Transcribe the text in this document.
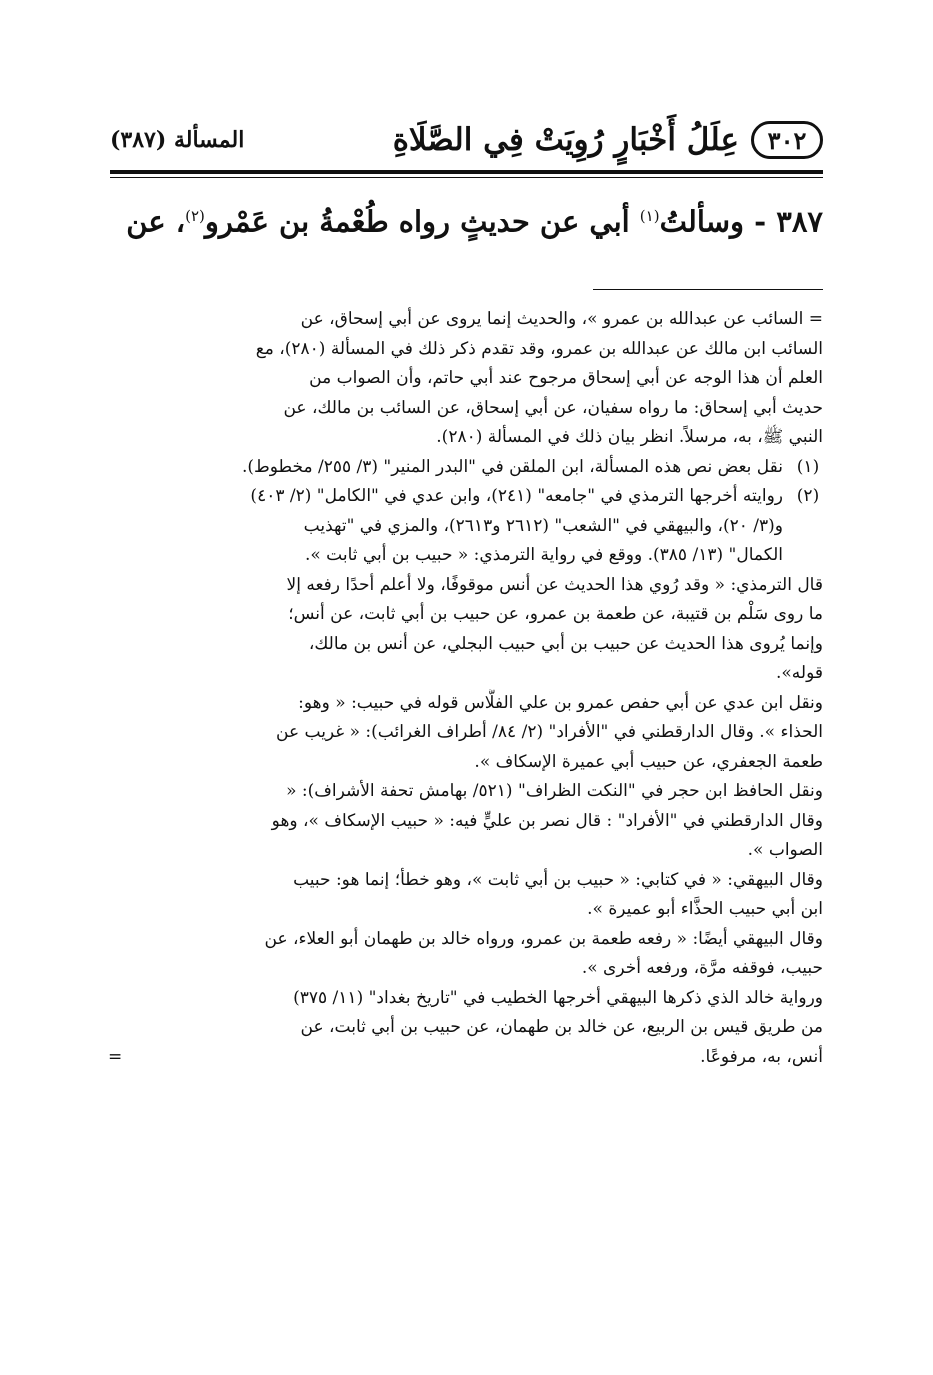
٣٠٢
عِلَلُ أَخْبَارٍ رُوِيَتْ فِي الصَّلَاةِ
المسألة (٣٨٧)
٣٨٧ - وسألتُ$^{(١)}$ أبي عن حديثٍ رواه طُعْمةُ بن عَمْرو$^{(٢)}$، عن
= السائب عن عبدالله بن عمرو »، والحديث إنما يروى عن أبي إسحاق، عن
السائب ابن مالك عن عبدالله بن عمرو، وقد تقدم ذكر ذلك في المسألة (٢٨٠)، مع
العلم أن هذا الوجه عن أبي إسحاق مرجوح عند أبي حاتم، وأن الصواب من
حديث أبي إسحاق: ما رواه سفيان، عن أبي إسحاق، عن السائب بن مالك، عن
النبي ﷺ، به، مرسلاً. انظر بيان ذلك في المسألة (٢٨٠).
(١)
نقل بعض نص هذه المسألة، ابن الملقن في "البدر المنير" (٣/ ٢٥٥/ مخطوط).
(٢)
روايته أخرجها الترمذي في "جامعه" (٢٤١)، وابن عدي في "الكامل" (٢/ ٤٠٣)
و(٣/ ٢٠)، والبيهقي في "الشعب" (٢٦١٢ و٢٦١٣)، والمزي في "تهذيب
الكمال" (١٣/ ٣٨٥). ووقع في رواية الترمذي: « حبيب بن أبي ثابت ».
قال الترمذي: « وقد رُوي هذا الحديث عن أنس موقوفًا، ولا أعلم أحدًا رفعه إلا
ما روى سَلْم بن قتيبة، عن طعمة بن عمرو، عن حبيب بن أبي ثابت، عن أنس؛
وإنما يُروى هذا الحديث عن حبيب بن أبي حبيب البجلي، عن أنس بن مالك،
قوله».
ونقل ابن عدي عن أبي حفص عمرو بن علي الفلَّاس قوله في حبيب: « وهو:
الحذاء ». وقال الدارقطني في "الأفراد" (٢/ ٨٤/ أطراف الغرائب): « غريب عن
طعمة الجعفري، عن حبيب أبي عميرة الإسكاف ».
ونقل الحافظ ابن حجر في "النكت الظراف" (٥٢١/ بهامش تحفة الأشراف): «
وقال الدارقطني في "الأفراد" : قال نصر بن عليٍّ فيه: « حبيب الإسكاف »، وهو
الصواب ».
وقال البيهقي: « في كتابي: « حبيب بن أبي ثابت »، وهو خطأ؛ إنما هو: حبيب
ابن أبي حبيب الحذَّاء أبو عميرة ».
وقال البيهقي أيضًا: « رفعه طعمة بن عمرو، ورواه خالد بن طهمان أبو العلاء، عن
حبيب، فوقفه مرَّة، ورفعه أخرى ».
ورواية خالد الذي ذكرها البيهقي أخرجها الخطيب في "تاريخ بغداد" (١١/ ٣٧٥)
من طريق قيس بن الربيع، عن خالد بن طهمان، عن حبيب بن أبي ثابت، عن
أنس، به، مرفوعًا.
=
